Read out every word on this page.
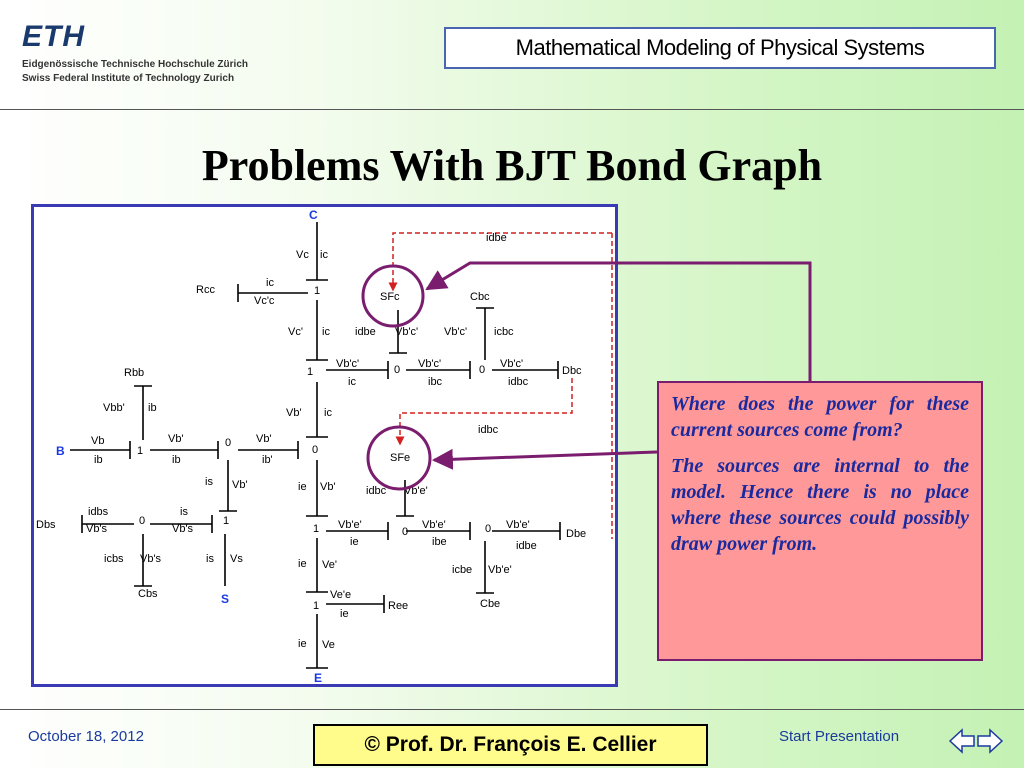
ETH
Eidgenössische Technische Hochschule Zürich
Swiss Federal Institute of Technology Zurich
Mathematical Modeling of Physical Systems
Problems With BJT Bond Graph
1
1	0	0
1
0
0
0	1
1	0	0
1
Vc ic
Rcc
ic
Vc'c
Vc' ic
SFc
idbe
idbe Vb'c' Vb'c'
Cbc
icbc
Vb'c'
ic
Vb'c'
ibc
Vb'c'
idbc
Dbc
Rbb
Vbb' ib	Vb' ic
idbc
Vb
ib
Vb'
ib
Vb'
ib'	SFe
is Vb'	ie Vb'	idbc Vb'e'
idbs
Vb's
Dbs
is
Vb's	Vb'e'
ie
Vb'e'
ibe
Vb'e'
idbe
Dbe
icbs Vb's	is Vs
Cbs
ie Ve'	icbe Vb'e'
Cbe
Ve'e
ie
Ree
ie Ve
C
B
S
E

Where does the power for these current sources come from?

The sources are internal to the model. Hence there is no place where these sources could possibly draw power from.

October 18, 2012	© Prof. Dr. François E. Cellier	Start Presentation
